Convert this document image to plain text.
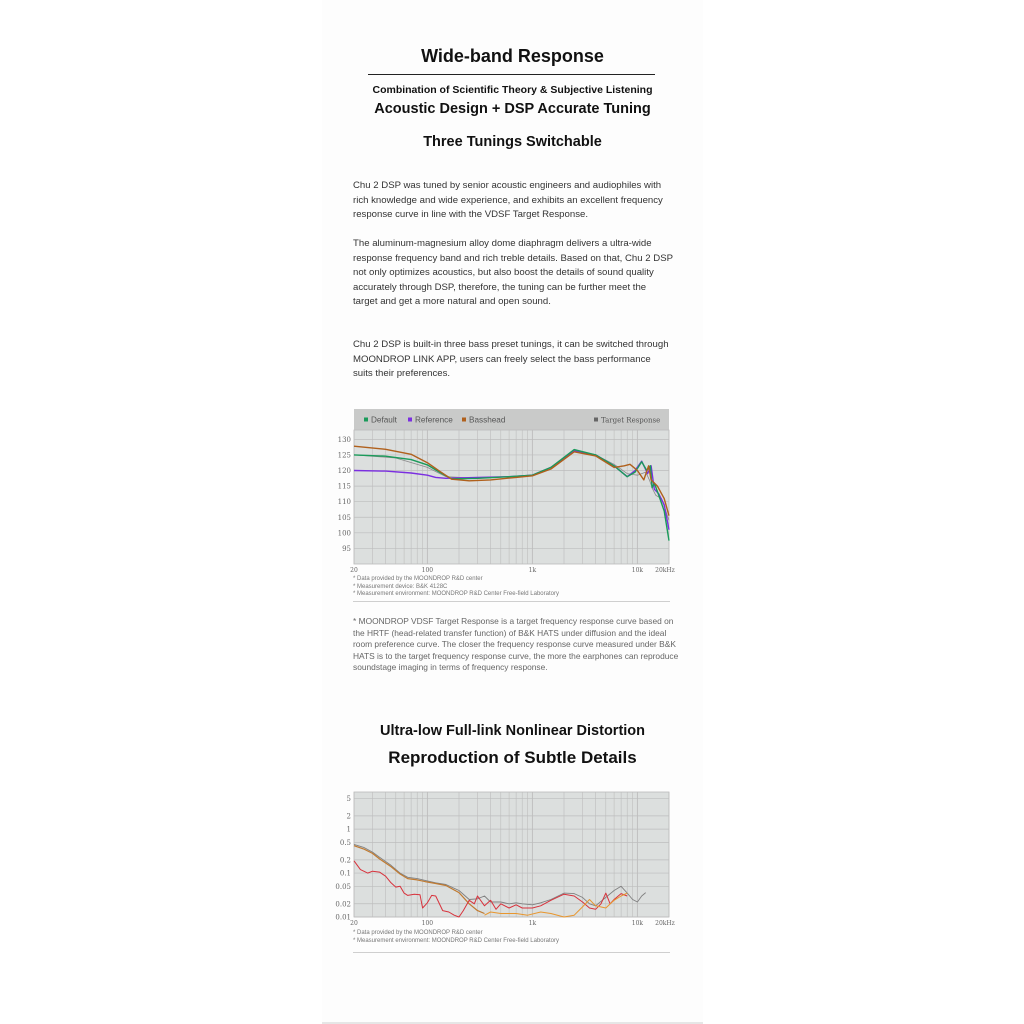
Wide-band Response
Combination of Scientific Theory & Subjective Listening
Acoustic Design + DSP Accurate Tuning
Three Tunings Switchable
Chu 2 DSP was tuned by senior acoustic engineers and audiophiles with rich knowledge and wide experience, and exhibits an excellent frequency response curve in line with the VDSF Target Response.
The aluminum-magnesium alloy dome diaphragm delivers a ultra-wide response frequency band and rich treble details. Based on that, Chu 2 DSP not only optimizes acoustics, but also boost the details of sound quality accurately through DSP, therefore, the tuning can be further meet the target and get a more natural and open sound.
Chu 2 DSP is built-in three bass preset tunings, it can be switched through MOONDROP LINK APP, users can freely select the bass performance suits their preferences.
Default Reference Basshead	Target Response
95
100
105
110
115
120
125
130
20	100	1k	10k 20kHz
* Data provided by the MOONDROP R&D center
* Measurement device: B&K 4128C
* Measurement environment: MOONDROP R&D Center Free-field Laboratory
* MOONDROP VDSF Target Response is a target frequency response curve based on the HRTF (head-related transfer function) of B&K HATS under diffusion and the ideal room preference curve. The closer the frequency response curve measured under B&K HATS is to the target frequency response curve, the more the earphones can reproduce soundstage imaging in terms of frequency response.
Ultra-low Full-link Nonlinear Distortion
Reproduction of Subtle Details
0.01
0.02
0.05
0.1
0.2
0.5
1
2
5
20	100	1k	10k 20kHz
* Data provided by the MOONDROP R&D center
* Measurement environment: MOONDROP R&D Center Free-field Laboratory
